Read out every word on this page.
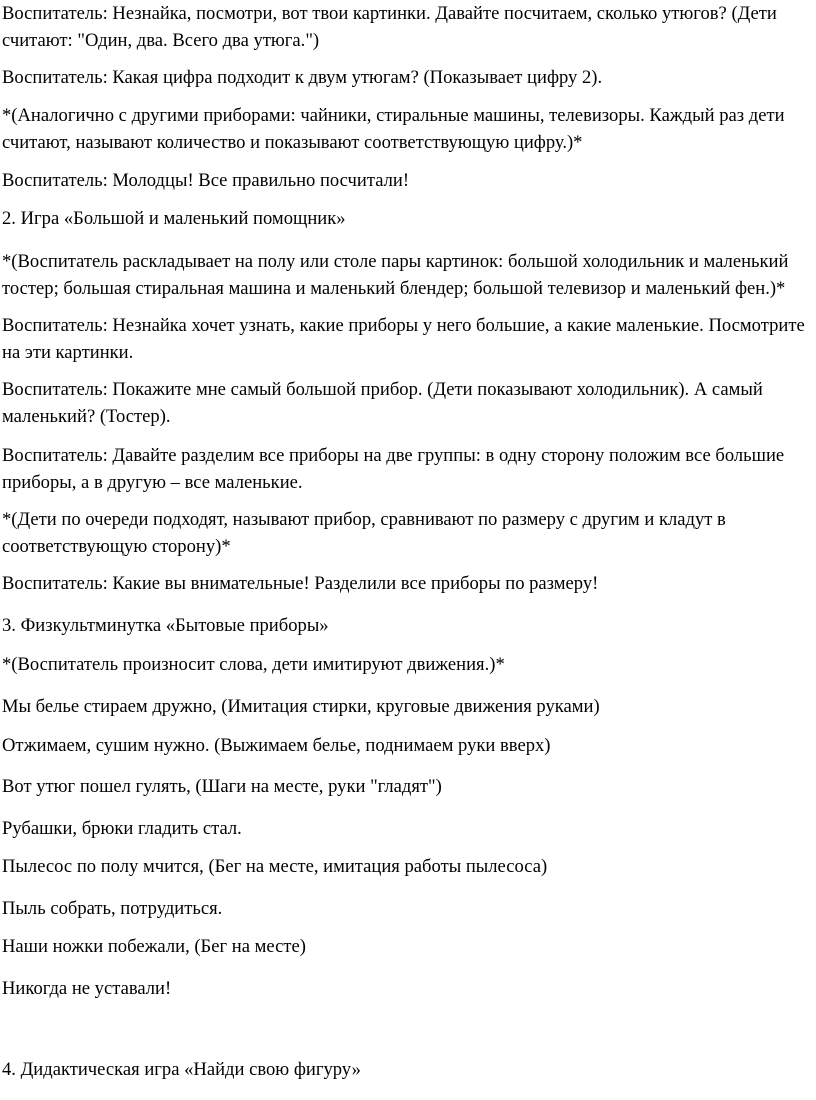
Воспитатель: Незнайка, посмотри, вот твои картинки. Давайте посчитаем, сколько утюгов? (Дети считают: "Один, два. Всего два утюга.")

Воспитатель: Какая цифра подходит к двум утюгам? (Показывает цифру 2).

*(Аналогично с другими приборами: чайники, стиральные машины, телевизоры. Каждый раз дети считают, называют количество и показывают соответствующую цифру.)*

Воспитатель: Молодцы! Все правильно посчитали!

2. Игра «Большой и маленький помощник»

*(Воспитатель раскладывает на полу или столе пары картинок: большой холодильник и маленький тостер; большая стиральная машина и маленький блендер; большой телевизор и маленький фен.)*

Воспитатель: Незнайка хочет узнать, какие приборы у него большие, а какие маленькие. Посмотрите на эти картинки.

Воспитатель: Покажите мне самый большой прибор. (Дети показывают холодильник). А самый маленький? (Тостер).

Воспитатель: Давайте разделим все приборы на две группы: в одну сторону положим все большие приборы, а в другую – все маленькие.

*(Дети по очереди подходят, называют прибор, сравнивают по размеру с другим и кладут в соответствующую сторону)*

Воспитатель: Какие вы внимательные! Разделили все приборы по размеру!

3. Физкультминутка «Бытовые приборы»

*(Воспитатель произносит слова, дети имитируют движения.)*

Мы белье стираем дружно, (Имитация стирки, круговые движения руками)

Отжимаем, сушим нужно. (Выжимаем белье, поднимаем руки вверх)

Вот утюг пошел гулять, (Шаги на месте, руки "гладят")

Рубашки, брюки гладить стал.

Пылесос по полу мчится, (Бег на месте, имитация работы пылесоса)

Пыль собрать, потрудиться.

Наши ножки побежали, (Бег на месте)

Никогда не уставали!

4. Дидактическая игра «Найди свою фигуру»
